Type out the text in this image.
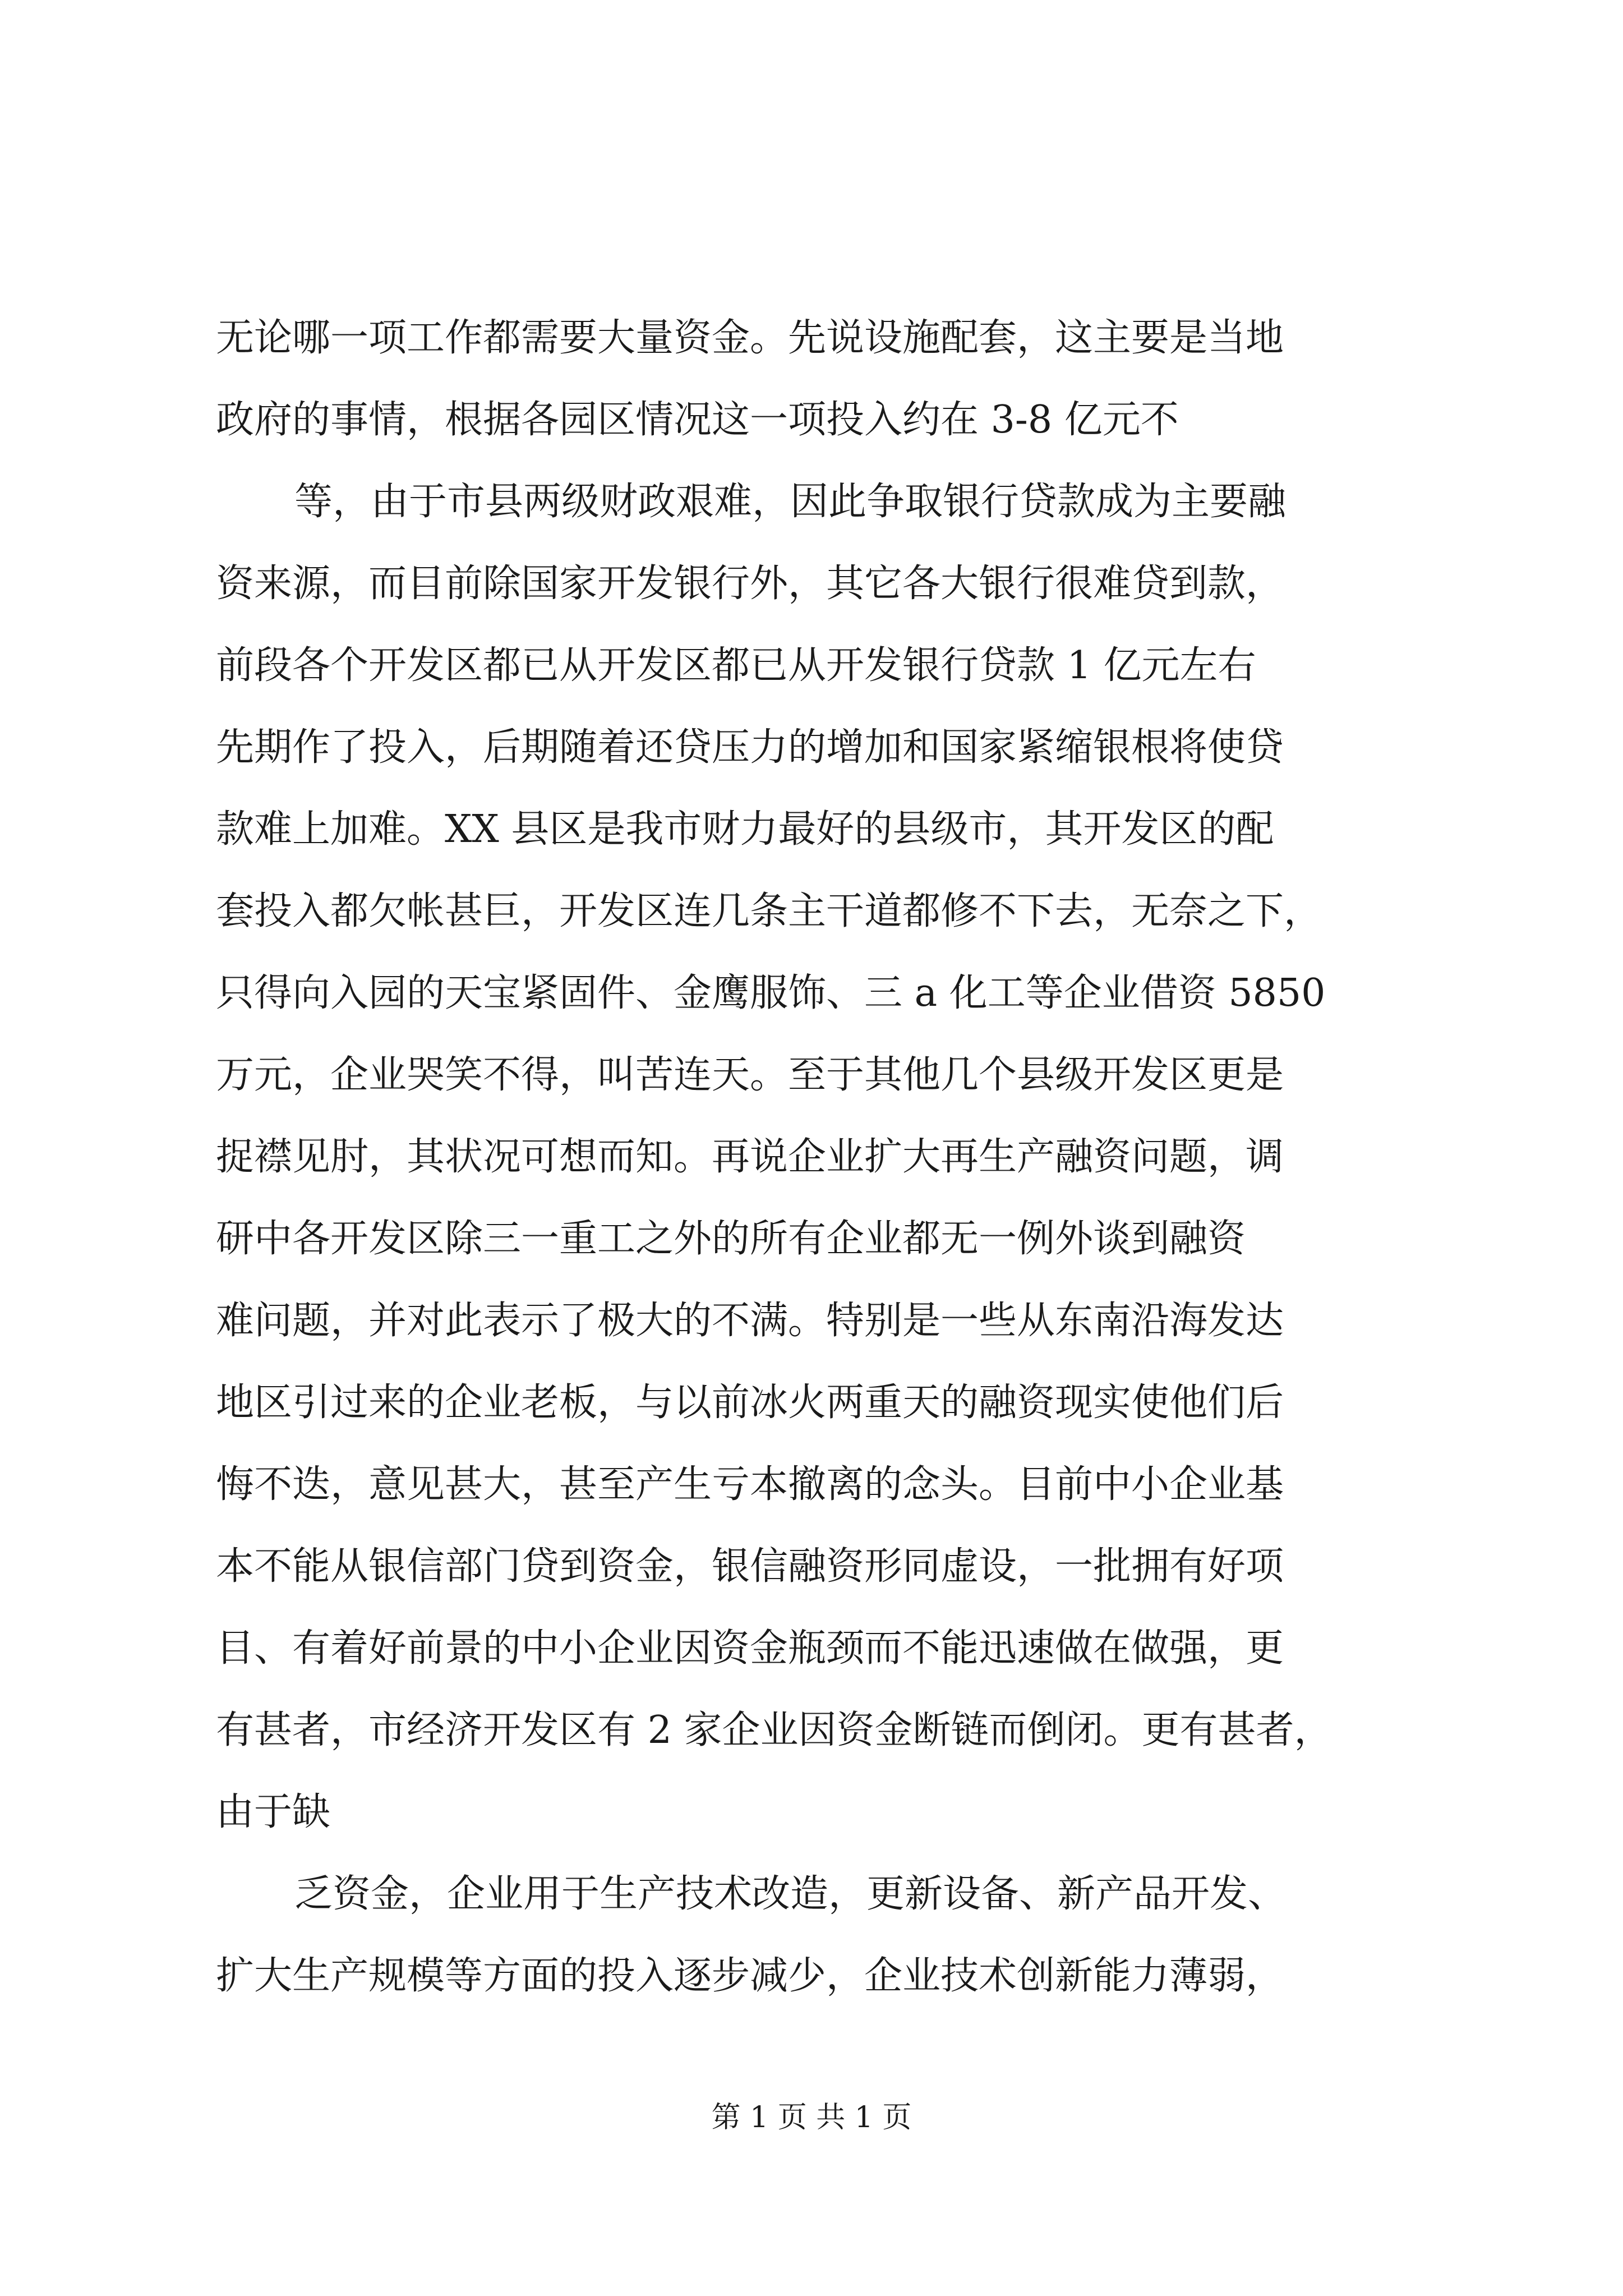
无论哪一项工作都需要大量资金。先说设施配套，这主要是当地
政府的事情，根据各园区情况这一项投入约在 3-8 亿元不
等，由于市县两级财政艰难，因此争取银行贷款成为主要融
资来源，而目前除国家开发银行外，其它各大银行很难贷到款，
前段各个开发区都已从开发区都已从开发银行贷款 1 亿元左右
先期作了投入，后期随着还贷压力的增加和国家紧缩银根将使贷
款难上加难。XX 县区是我市财力最好的县级市，其开发区的配
套投入都欠帐甚巨，开发区连几条主干道都修不下去，无奈之下，
只得向入园的天宝紧固件、金鹰服饰、三 a 化工等企业借资 5850
万元，企业哭笑不得，叫苦连天。至于其他几个县级开发区更是
捉襟见肘，其状况可想而知。再说企业扩大再生产融资问题，调
研中各开发区除三一重工之外的所有企业都无一例外谈到融资
难问题，并对此表示了极大的不满。特别是一些从东南沿海发达
地区引过来的企业老板，与以前冰火两重天的融资现实使他们后
悔不迭，意见甚大，甚至产生亏本撤离的念头。目前中小企业基
本不能从银信部门贷到资金，银信融资形同虚设，一批拥有好项
目、有着好前景的中小企业因资金瓶颈而不能迅速做在做强，更
有甚者，市经济开发区有 2 家企业因资金断链而倒闭。更有甚者，
由于缺
乏资金，企业用于生产技术改造，更新设备、新产品开发、
扩大生产规模等方面的投入逐步减少，企业技术创新能力薄弱，
第 1 页 共 1 页
